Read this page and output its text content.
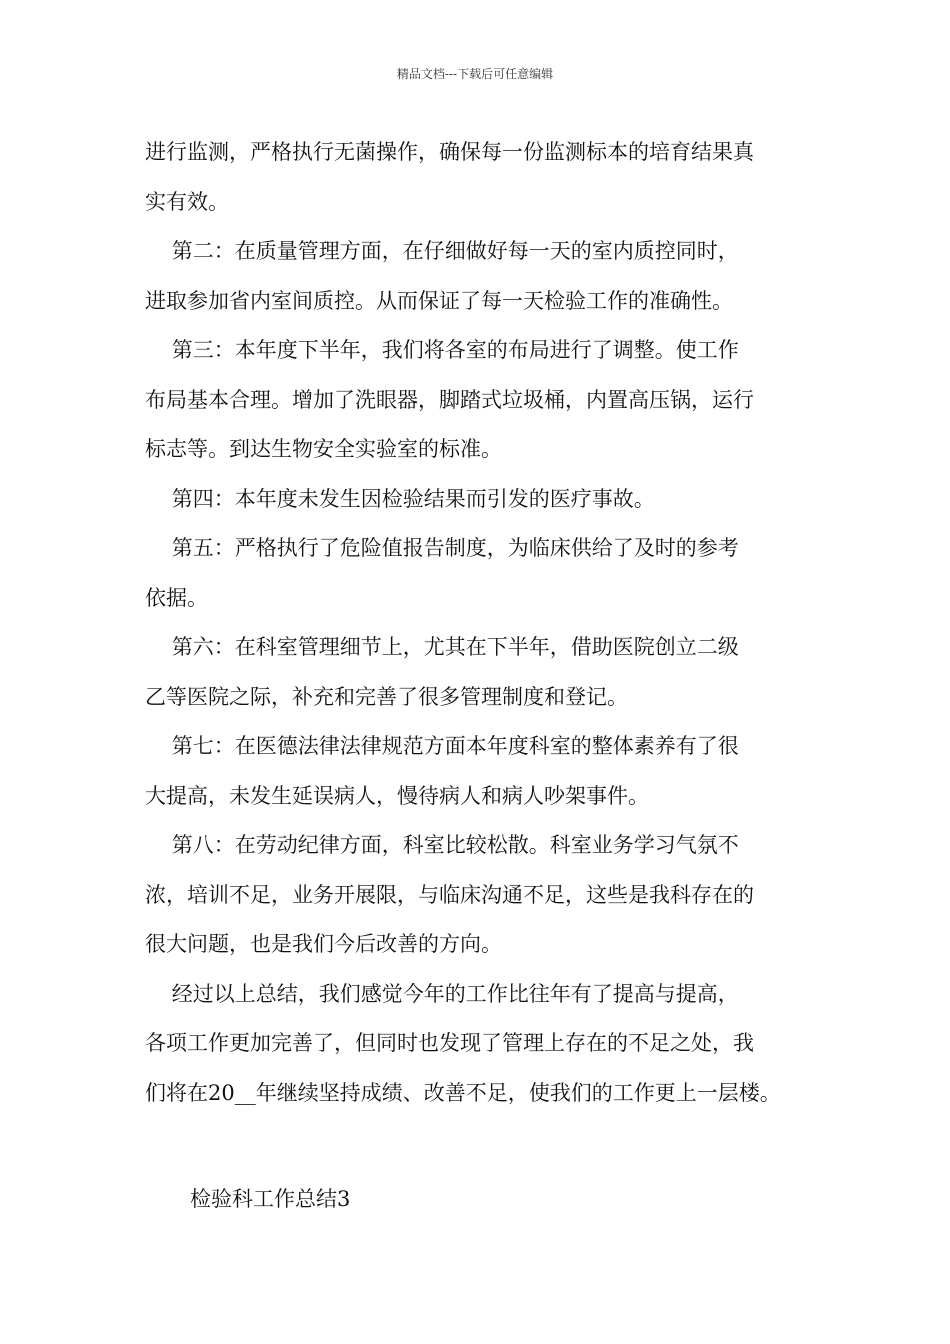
精品文档---下载后可任意编辑

进行监测，严格执行无菌操作，确保每一份监测标本的培育结果真

实有效。

第二：在质量管理方面，在仔细做好每一天的室内质控同时，

进取参加省内室间质控。从而保证了每一天检验工作的准确性。

第三：本年度下半年，我们将各室的布局进行了调整。使工作

布局基本合理。增加了洗眼器，脚踏式垃圾桶，内置高压锅，运行

标志等。到达生物安全实验室的标准。

第四：本年度未发生因检验结果而引发的医疗事故。

第五：严格执行了危险值报告制度，为临床供给了及时的参考

依据。

第六：在科室管理细节上，尤其在下半年，借助医院创立二级

乙等医院之际，补充和完善了很多管理制度和登记。

第七：在医德法律法律规范方面本年度科室的整体素养有了很

大提高，未发生延误病人，慢待病人和病人吵架事件。

第八：在劳动纪律方面，科室比较松散。科室业务学习气氛不

浓，培训不足，业务开展限，与临床沟通不足，这些是我科存在的

很大问题，也是我们今后改善的方向。

经过以上总结，我们感觉今年的工作比往年有了提高与提高，

各项工作更加完善了，但同时也发现了管理上存在的不足之处，我

们将在20__年继续坚持成绩、改善不足，使我们的工作更上一层楼。

检验科工作总结3
